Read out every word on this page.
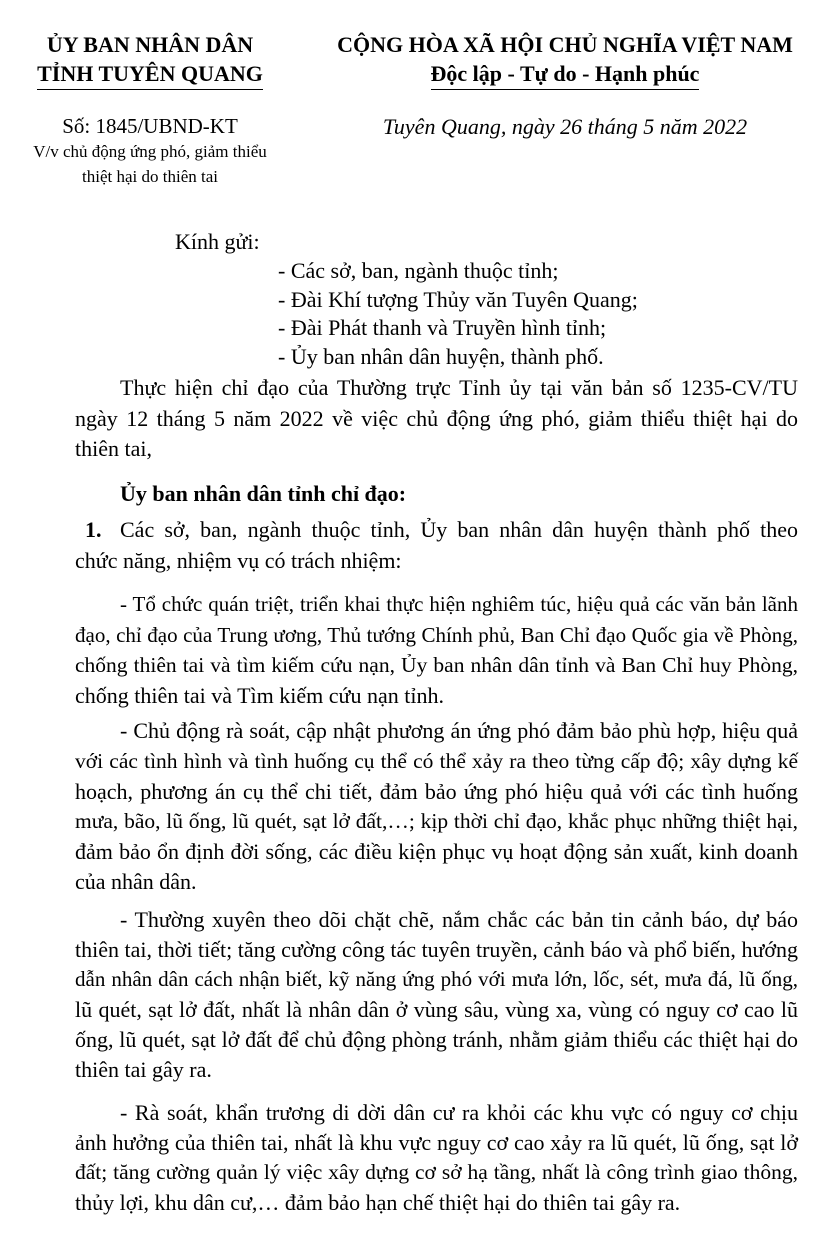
ỦY BAN NHÂN DÂN
TỈNH TUYÊN QUANG
CỘNG HÒA XÃ HỘI CHỦ NGHĨA VIỆT NAM
Độc lập - Tự do - Hạnh phúc
Số: 1845/UBND-KT
V/v chủ động ứng phó, giảm thiểu
thiệt hại do thiên tai
Tuyên Quang, ngày 26 tháng 5 năm 2022
Kính gửi:
- Các sở, ban, ngành thuộc tỉnh;
- Đài Khí tượng Thủy văn Tuyên Quang;
- Đài Phát thanh và Truyền hình tỉnh;
- Ủy ban nhân dân huyện, thành phố.
Thực hiện chỉ đạo của Thường trực Tỉnh ủy tại văn bản số 1235-CV/TU
ngày 12 tháng 5 năm 2022 về việc chủ động ứng phó, giảm thiểu thiệt hại do
thiên tai,
Ủy ban nhân dân tỉnh chỉ đạo:
1. Các sở, ban, ngành thuộc tỉnh, Ủy ban nhân dân huyện thành phố theo
chức năng, nhiệm vụ có trách nhiệm:
- Tổ chức quán triệt, triển khai thực hiện nghiêm túc, hiệu quả các văn bản lãnh
đạo, chỉ đạo của Trung ương, Thủ tướng Chính phủ, Ban Chỉ đạo Quốc gia về Phòng,
chống thiên tai và tìm kiếm cứu nạn, Ủy ban nhân dân tỉnh và Ban Chỉ huy Phòng,
chống thiên tai và Tìm kiếm cứu nạn tỉnh.
- Chủ động rà soát, cập nhật phương án ứng phó đảm bảo phù hợp, hiệu quả
với các tình hình và tình huống cụ thể có thể xảy ra theo từng cấp độ; xây dựng kế
hoạch, phương án cụ thể chi tiết, đảm bảo ứng phó hiệu quả với các tình huống
mưa, bão, lũ ống, lũ quét, sạt lở đất,…; kịp thời chỉ đạo, khắc phục những thiệt hại,
đảm bảo ổn định đời sống, các điều kiện phục vụ hoạt động sản xuất, kinh doanh
của nhân dân.
- Thường xuyên theo dõi chặt chẽ, nắm chắc các bản tin cảnh báo, dự báo
thiên tai, thời tiết; tăng cường công tác tuyên truyền, cảnh báo và phổ biến, hướng
dẫn nhân dân cách nhận biết, kỹ năng ứng phó với mưa lớn, lốc, sét, mưa đá, lũ ống,
lũ quét, sạt lở đất, nhất là nhân dân ở vùng sâu, vùng xa, vùng có nguy cơ cao lũ
ống, lũ quét, sạt lở đất để chủ động phòng tránh, nhằm giảm thiểu các thiệt hại do
thiên tai gây ra.
- Rà soát, khẩn trương di dời dân cư ra khỏi các khu vực có nguy cơ chịu
ảnh hưởng của thiên tai, nhất là khu vực nguy cơ cao xảy ra lũ quét, lũ ống, sạt lở
đất; tăng cường quản lý việc xây dựng cơ sở hạ tầng, nhất là công trình giao thông,
thủy lợi, khu dân cư,… đảm bảo hạn chế thiệt hại do thiên tai gây ra.
